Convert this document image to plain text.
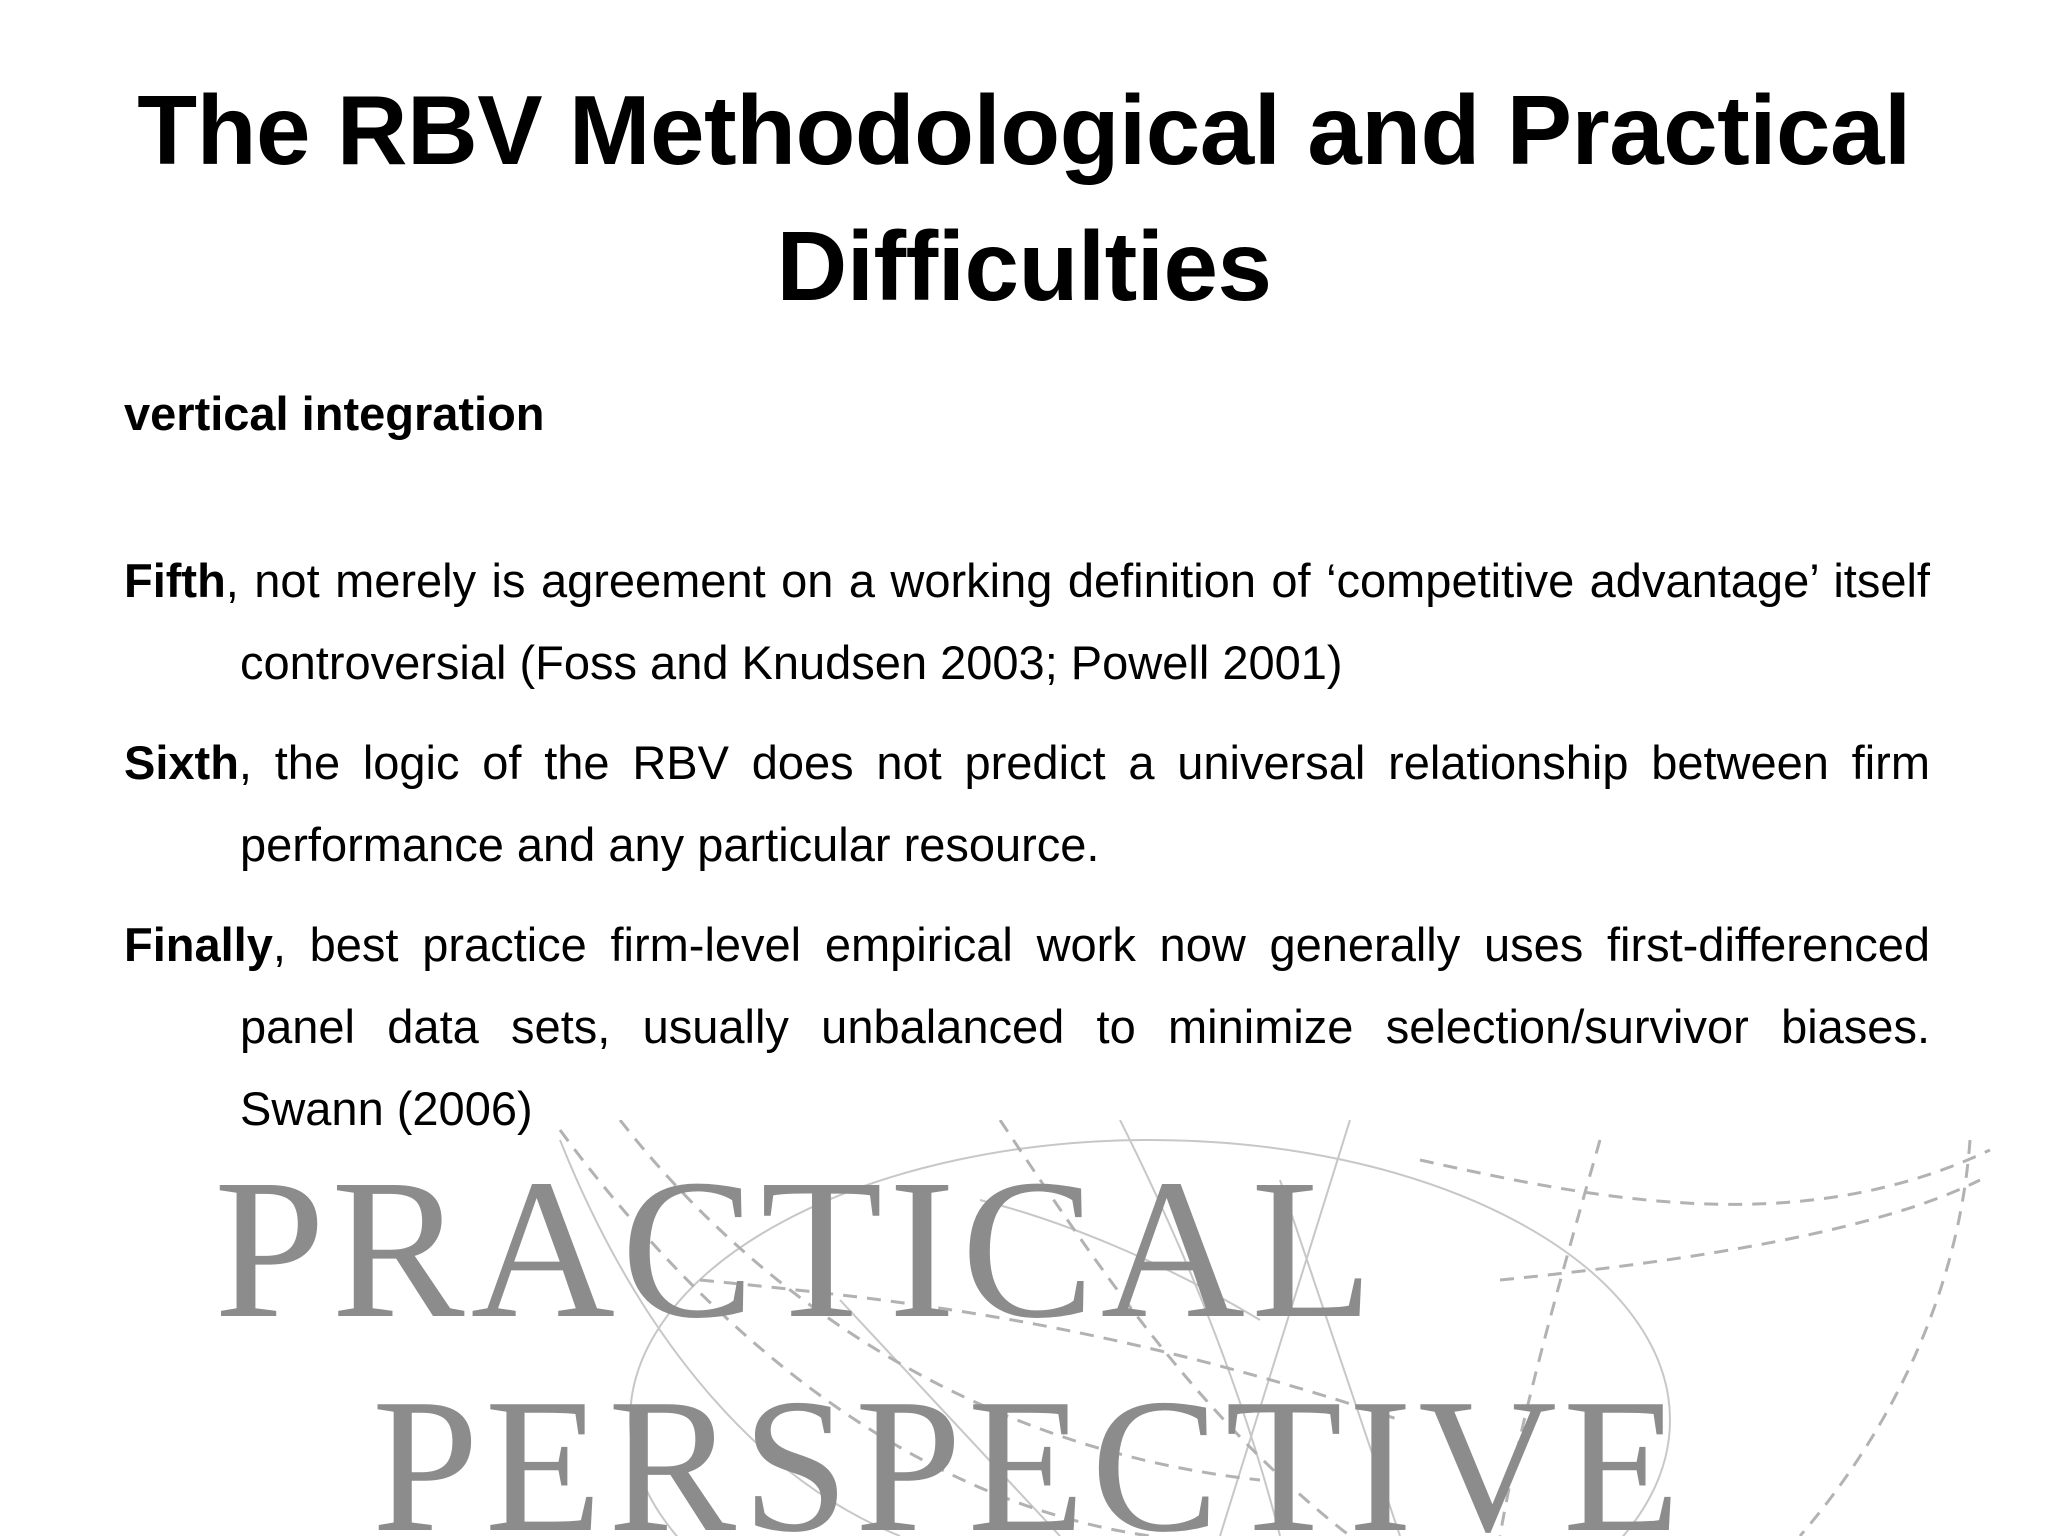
The RBV Methodological and Practical Difficulties

vertical integration

Fifth, not merely is agreement on a working definition of ‘competitive advantage’ itself controversial (Foss and Knudsen 2003; Powell 2001)

Sixth, the logic of the RBV does not predict a universal relationship between firm performance and any particular resource.

Finally, best practice firm-level empirical work now generally uses first-differenced panel data sets, usually unbalanced to minimize selection/survivor biases. Swann (2006)

PRACTICAL
PERSPECTIVE
